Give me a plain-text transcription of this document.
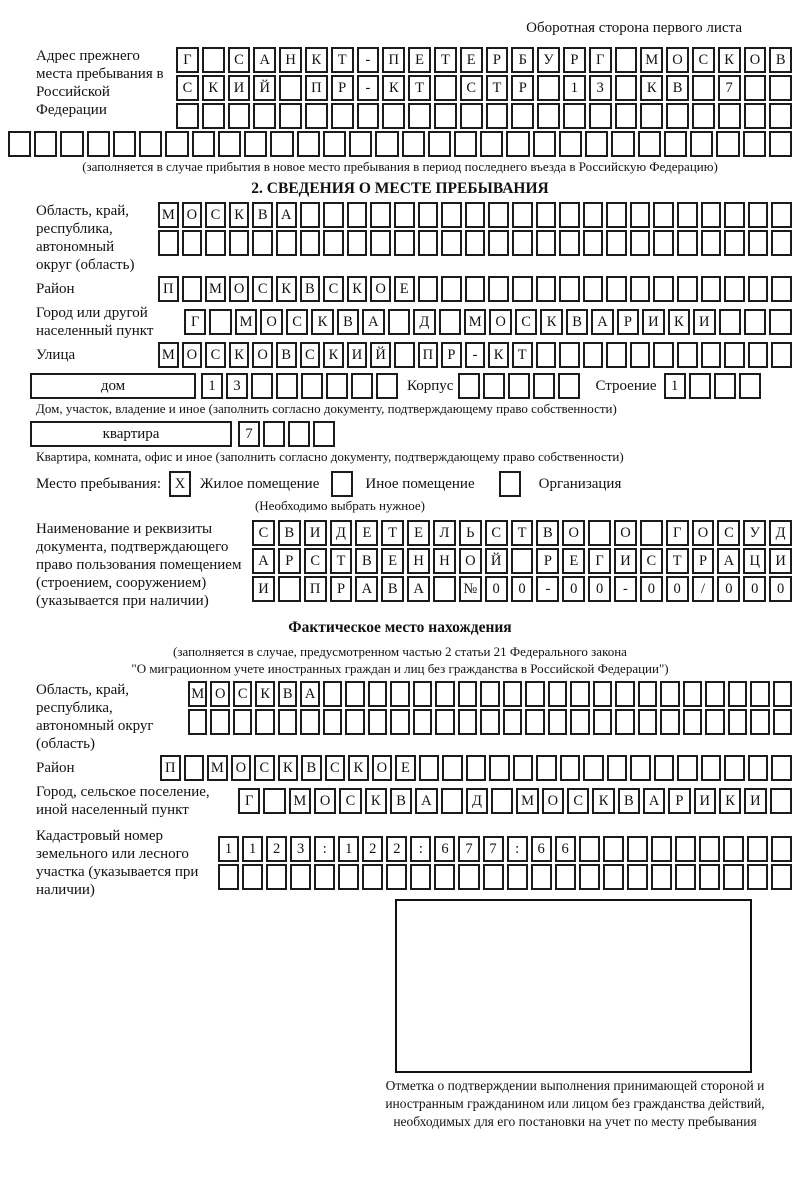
Оборотная сторона первого листа
Адрес прежнего места пребывания в Российской Федерации
Г	С	А	Н	К	Т	-	П	Е	Т	Е	Р	Б	У	Р	Г	М О	С	К	О	В
С	К	И	Й	П	Р	-	К	Т	С	Т	Р	1	3	К	В	7
(заполняется в случае прибытия в новое место пребывания в период последнего въезда в Российскую Федерацию)
2. СВЕДЕНИЯ О МЕСТЕ ПРЕБЫВАНИЯ
Область, край, республика, автономный округ (область)
М О С К В А
Район	П	М О С К В С К О Е
Город или другой населенный пункт
Г	М О	С	К	В	А	Д	М О	С	К	В	А	Р	И	К	И
Улица	М О С К О В С К И Й	П Р	-	К Т
дом	1	3	Корпус	Строение 1
Дом, участок, владение и иное (заполнить согласно документу, подтверждающему право собственности)
квартира	7
Квартира, комната, офис и иное (заполнить согласно документу, подтверждающему право собственности)
Место пребывания: X Жилое помещение	Иное помещение	Организация
(Необходимо выбрать нужное)
Наименование и реквизиты документа, подтверждающего право пользования помещением (строением, сооружением) (указывается при наличии)
С	В	И	Д	Е	Т	Е	Л	Ь	С	Т	В	О	О	Г	О	С	У	Д
А	Р	С	Т	В	Е	Н	Н	О	Й	Р	Е	Г	И	С	Т	Р	А	Ц	И
И	П	Р	А	В	А	№	0	0	-	0	0	-	0	0	/	0	0	0
Фактическое место нахождения
(заполняется в случае, предусмотренном частью 2 статьи 21 Федерального закона
"О миграционном учете иностранных граждан и лиц без гражданства в Российской Федерации")
Область, край, республика, автономный округ (область)
М О С К В А
Район	П	М О С К В С К О Е
Город, сельское поселение, иной населенный пункт
Г	М О	С	К	В	А	Д	М О	С	К	В	А	Р	И	К	И
Кадастровый номер земельного или лесного участка (указывается при наличии)
1	1	2	3	:	1	2	2	:	6	7	7	:	6	6
Отметка о подтверждении выполнения принимающей стороной и иностранным гражданином или лицом без гражданства действий, необходимых для его постановки на учет по месту пребывания
